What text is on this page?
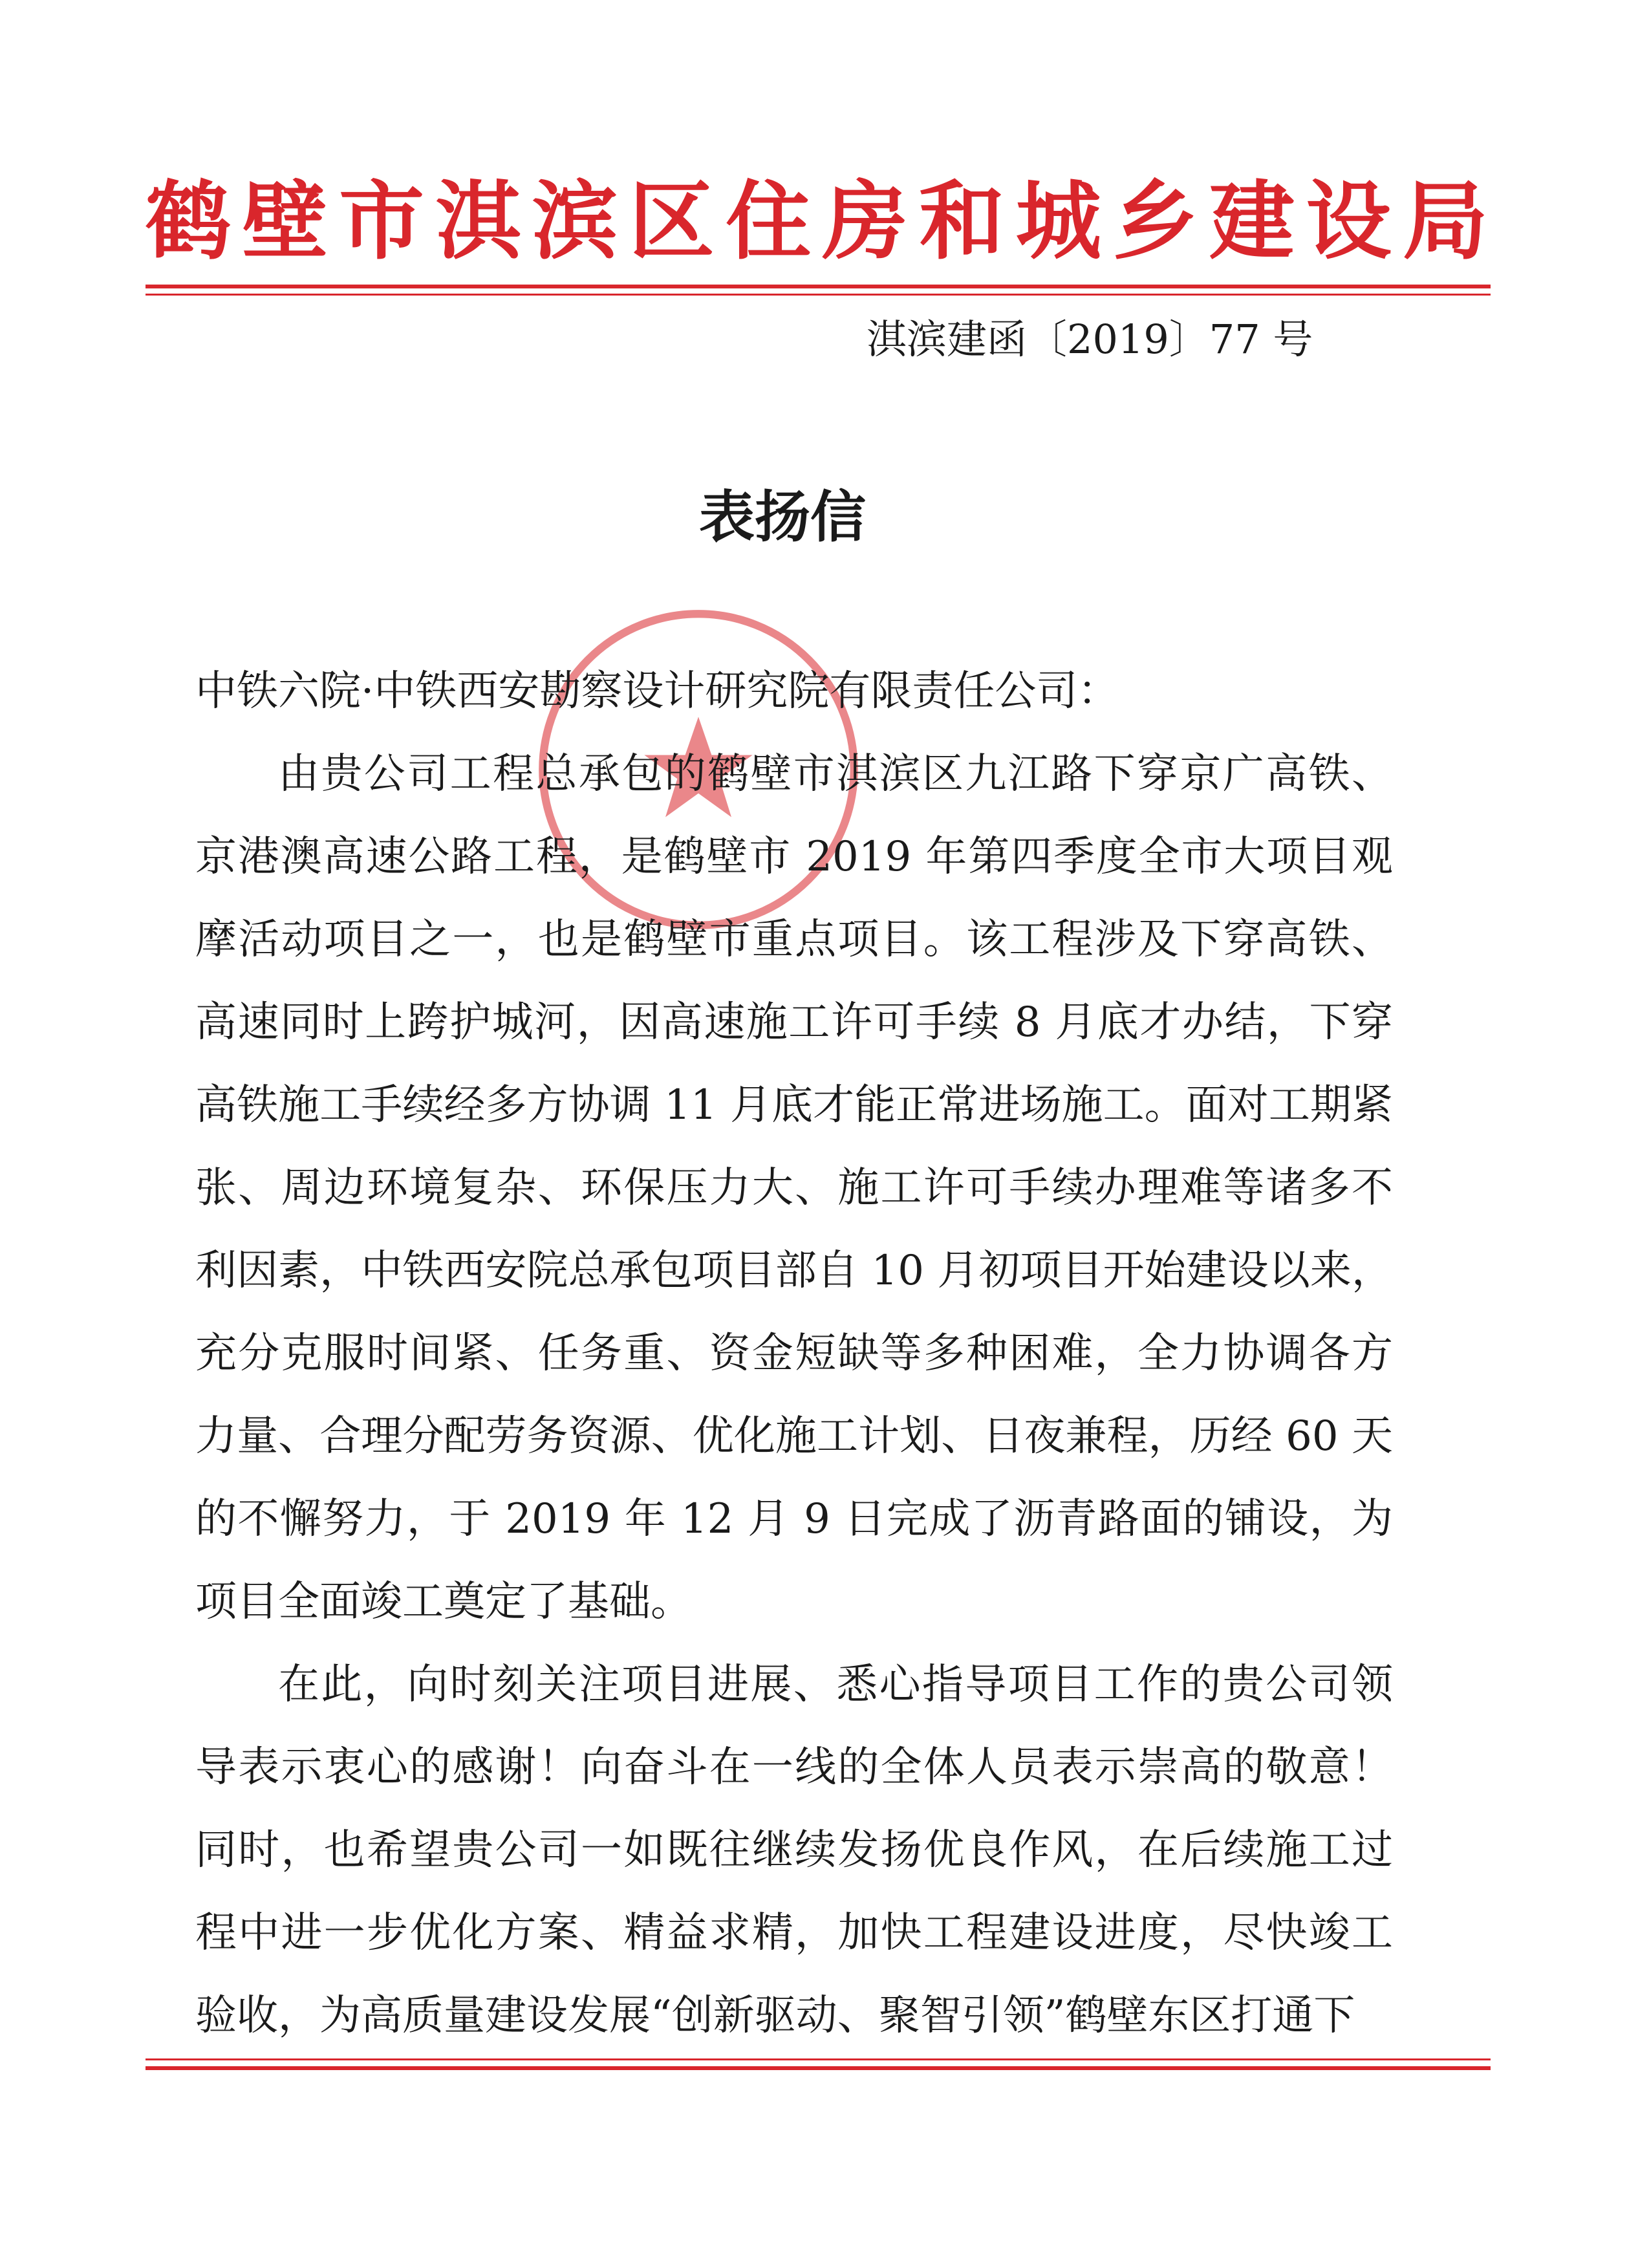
鹤壁市淇滨区住房和城乡建设局
淇滨建函〔2019〕77 号
表扬信

中铁六院·中铁西安勘察设计研究院有限责任公司：

由贵公司工程总承包的鹤壁市淇滨区九江路下穿京广高铁、京港澳高速公路工程，是鹤壁市 2019 年第四季度全市大项目观摩活动项目之一，也是鹤壁市重点项目。该工程涉及下穿高铁、高速同时上跨护城河，因高速施工许可手续 8 月底才办结，下穿高铁施工手续经多方协调 11 月底才能正常进场施工。面对工期紧张、周边环境复杂、环保压力大、施工许可手续办理难等诸多不利因素，中铁西安院总承包项目部自 10 月初项目开始建设以来，充分克服时间紧、任务重、资金短缺等多种困难，全力协调各方力量、合理分配劳务资源、优化施工计划、日夜兼程，历经 60 天的不懈努力，于 2019 年 12 月 9 日完成了沥青路面的铺设，为项目全面竣工奠定了基础。

在此，向时刻关注项目进展、悉心指导项目工作的贵公司领导表示衷心的感谢！向奋斗在一线的全体人员表示崇高的敬意！同时，也希望贵公司一如既往继续发扬优良作风，在后续施工过程中进一步优化方案、精益求精，加快工程建设进度，尽快竣工验收，为高质量建设发展“创新驱动、聚智引领”鹤壁东区打通下
